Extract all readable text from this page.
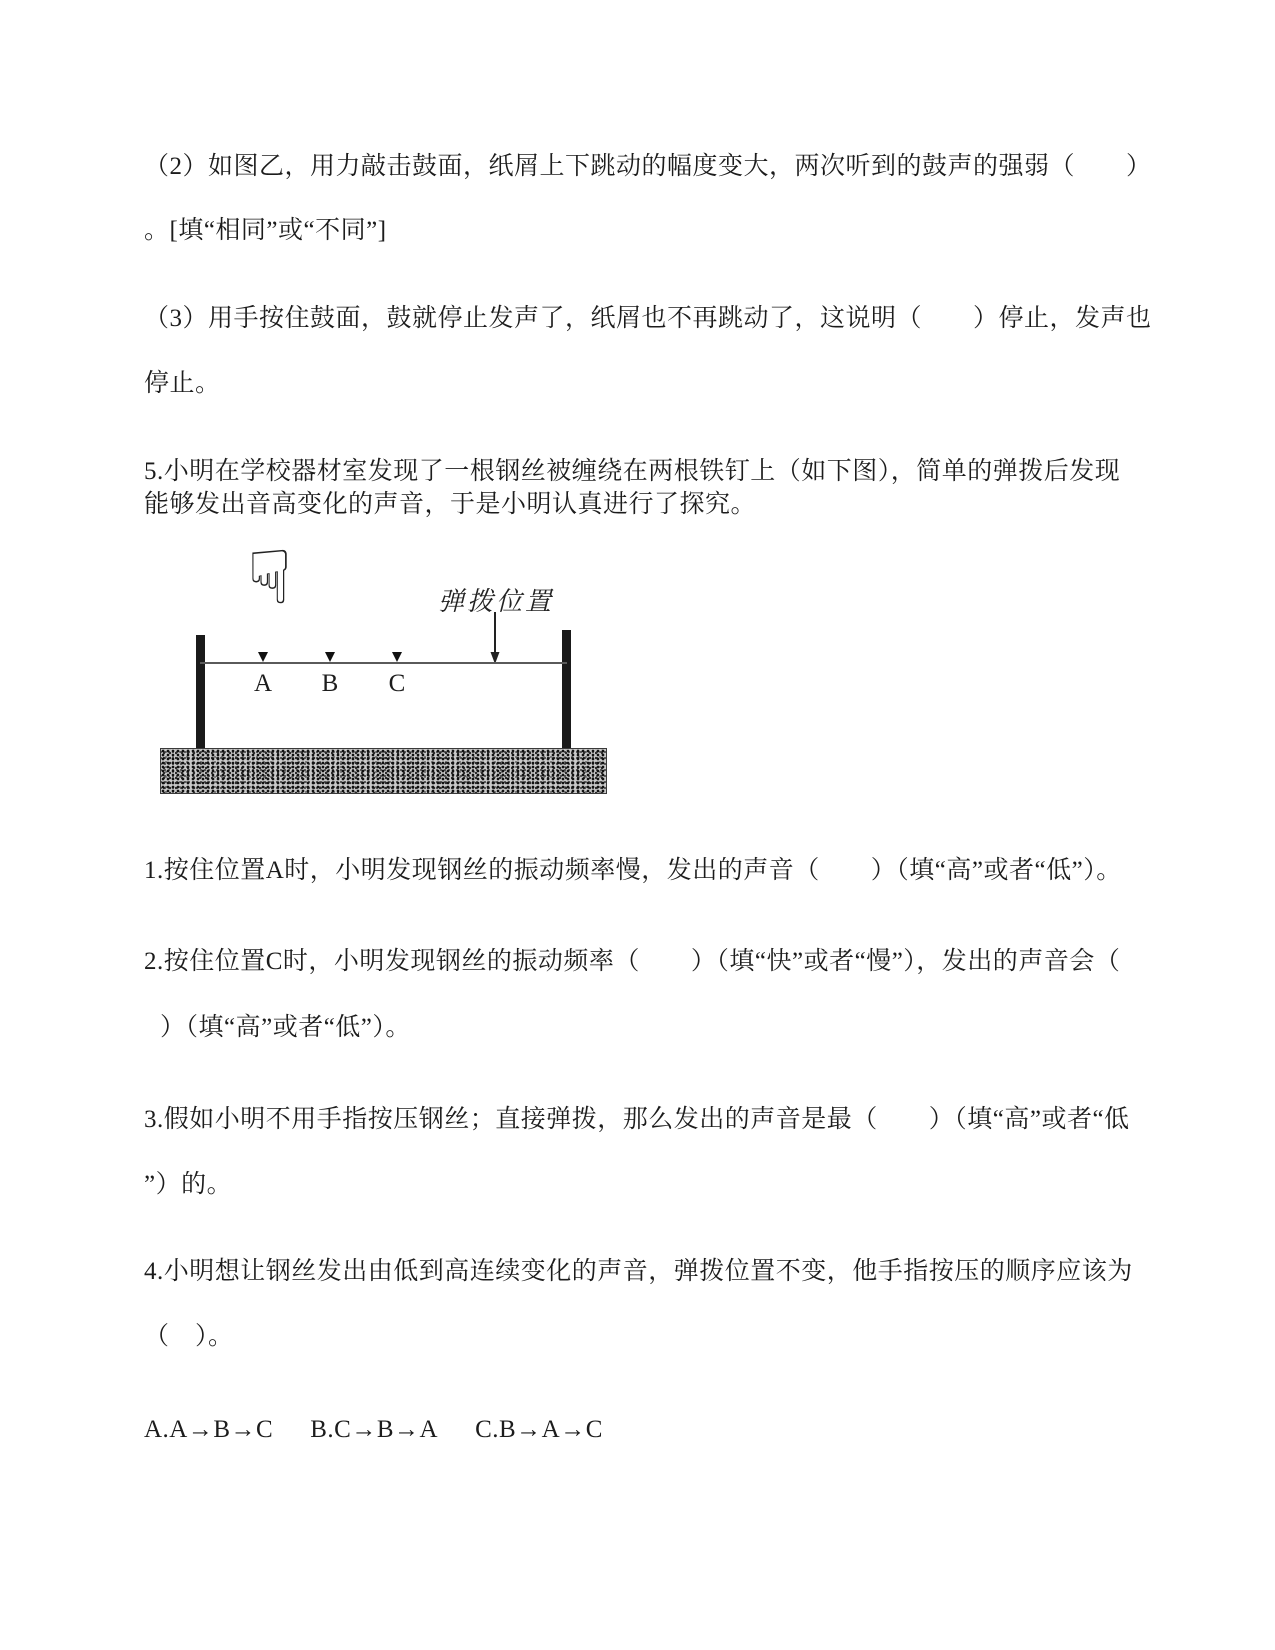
（2）如图乙，用力敲击鼓面，纸屑上下跳动的幅度变大，两次听到的鼓声的强弱（　　）
。[填“相同”或“不同”]
（3）用手按住鼓面，鼓就停止发声了，纸屑也不再跳动了，这说明（　　）停止，发声也
停止。
5.小明在学校器材室发现了一根钢丝被缠绕在两根铁钉上（如下图），简单的弹拨后发现
能够发出音高变化的声音，于是小明认真进行了探究。
☟	弹拨位置
A B C
1.按住位置A时，小明发现钢丝的振动频率慢，发出的声音（　　）（填“高”或者“低”）。
2.按住位置C时，小明发现钢丝的振动频率（　　）（填“快”或者“慢”），发出的声音会（
）（填“高”或者“低”）。
3.假如小明不用手指按压钢丝；直接弹拨，那么发出的声音是最（　　）（填“高”或者“低
”）的。
4.小明想让钢丝发出由低到高连续变化的声音，弹拨位置不变，他手指按压的顺序应该为
（　）。
A.A→B→C B.C→B→A C.B→A→C
